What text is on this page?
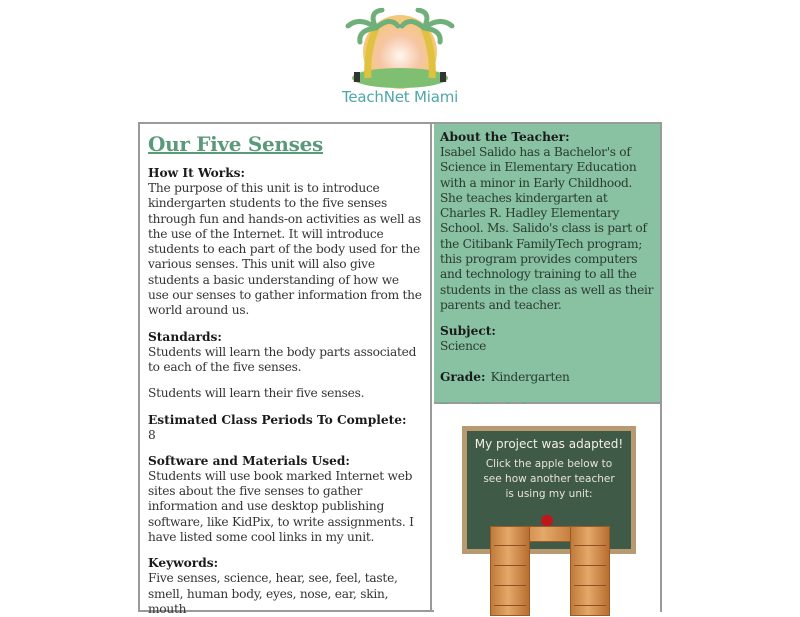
TeachNet Miami
Our Five Senses
How It Works:

The purpose of this unit is to introduce kindergarten students to the five senses through fun and hands-on activities as well as the use of the Internet. It will introduce students to each part of the body used for the various senses. This unit will also give students a basic understanding of how we use our senses to gather information from the world around us.

Standards:

Students will learn the body parts associated to each of the five senses.

Students will learn their five senses.

Estimated Class Periods To Complete:

8

Software and Materials Used:

Students will use book marked Internet web sites about the five senses to gather information and use desktop publishing software, like KidPix, to write assignments. I have listed some cool links in my unit.

Keywords:

Five senses, science, hear, see, feel, taste, smell, human body, eyes, nose, ear, skin, mouth

About the Teacher:
Isabel Salido has a Bachelor's of Science in Elementary Education with a minor in Early Childhood. She teaches kindergarten at Charles R. Hadley Elementary School. Ms. Salido's class is part of the Citibank FamilyTech program; this program provides computers and technology training to all the students in the class as well as their parents and teacher.
Subject:
Science
Grade: Kindergarten
My project was adapted!
Click the apple below to
see how another teacher
is using my unit:
